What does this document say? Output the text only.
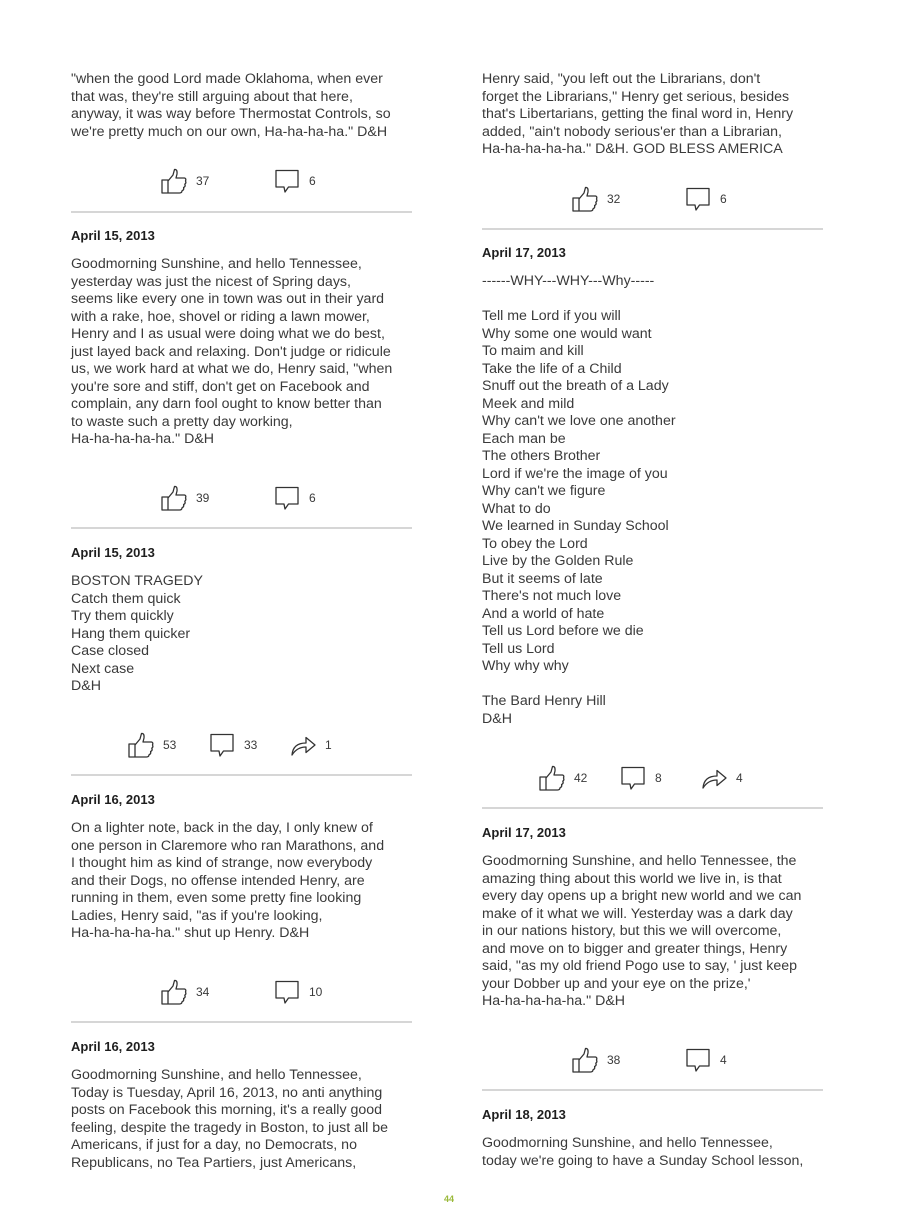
"when the good Lord made Oklahoma, when ever
that was, they're still arguing about that here,
anyway, it was way before Thermostat Controls, so
we're pretty much on our own, Ha-ha-ha-ha." D&H

37	6
April 15, 2013

Goodmorning Sunshine, and hello Tennessee,
yesterday was just the nicest of Spring days,
seems like every one in town was out in their yard
with a rake, hoe, shovel or riding a lawn mower,
Henry and I as usual were doing what we do best,
just layed back and relaxing. Don't judge or ridicule
us, we work hard at what we do, Henry said, "when
you're sore and stiff, don't get on Facebook and
complain, any darn fool ought to know better than
to waste such a pretty day working,
Ha-ha-ha-ha-ha." D&H

39	6
April 15, 2013

BOSTON TRAGEDY
Catch them quick
Try them quickly
Hang them quicker
Case closed
Next case
D&H

53	33	1
April 16, 2013

On a lighter note, back in the day, I only knew of
one person in Claremore who ran Marathons, and
I thought him as kind of strange, now everybody
and their Dogs, no offense intended Henry, are
running in them, even some pretty fine looking
Ladies, Henry said, "as if you're looking,
Ha-ha-ha-ha-ha." shut up Henry. D&H

34	10
April 16, 2013

Goodmorning Sunshine, and hello Tennessee,
Today is Tuesday, April 16, 2013, no anti anything
posts on Facebook this morning, it's a really good
feeling, despite the tragedy in Boston, to just all be
Americans, if just for a day, no Democrats, no
Republicans, no Tea Partiers, just Americans,

Henry said, "you left out the Librarians, don't
forget the Librarians," Henry get serious, besides
that's Libertarians, getting the final word in, Henry
added, "ain't nobody serious'er than a Librarian,
Ha-ha-ha-ha-ha." D&H. GOD BLESS AMERICA

32	6
April 17, 2013

------WHY---WHY---Why-----

Tell me Lord if you will
Why some one would want
To maim and kill
Take the life of a Child
Snuff out the breath of a Lady
Meek and mild
Why can't we love one another
Each man be
The others Brother
Lord if we're the image of you
Why can't we figure
What to do
We learned in Sunday School
To obey the Lord
Live by the Golden Rule
But it seems of late
There's not much love
And a world of hate
Tell us Lord before we die
Tell us Lord
Why why why

The Bard Henry Hill
D&H

42	8	4
April 17, 2013

Goodmorning Sunshine, and hello Tennessee, the
amazing thing about this world we live in, is that
every day opens up a bright new world and we can
make of it what we will. Yesterday was a dark day
in our nations history, but this we will overcome,
and move on to bigger and greater things, Henry
said, "as my old friend Pogo use to say, ' just keep
your Dobber up and your eye on the prize,'
Ha-ha-ha-ha-ha." D&H

38	4
April 18, 2013

Goodmorning Sunshine, and hello Tennessee,
today we're going to have a Sunday School lesson,

44
